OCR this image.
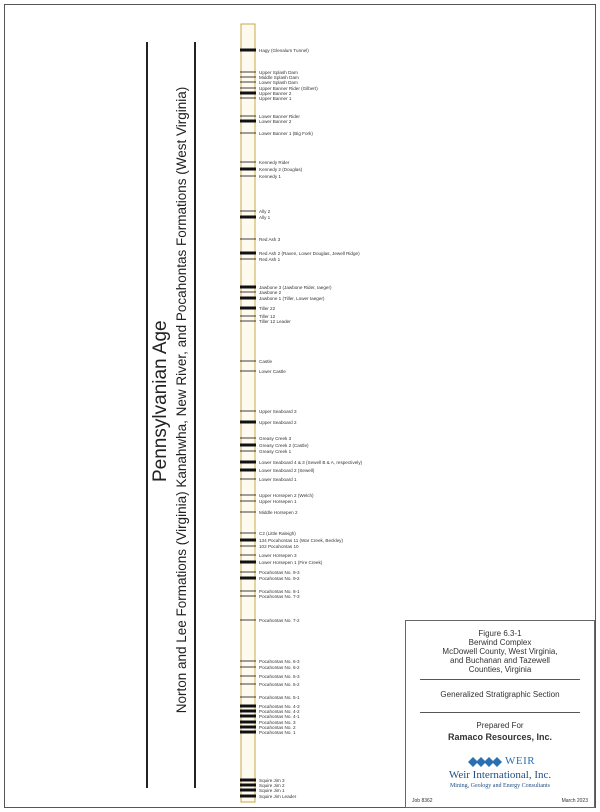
Pennsylvanian Age Norton and Lee Formations (Virginia) Kanahwha, New River, and Pocahontas Formations (West Virginia)
Hagy (Glenalum Tunnel)
Upper Splash Dam
Middle Splash Dam
Lower Splash Dam
Upper Banner Rider (Gilbert)
Upper Banner 2
Upper Banner 1
Lower Banner Rider
Lower Banner 2
Lower Banner 1 (Big Fork)
Kennedy Rider
Kennedy 2 (Douglas)
Kennedy 1
Ally 2
Ally 1
Red Ash 3
Red Ash 2 (Raven, Lower Douglas, Jewell Ridge)
Red Ash 1
Jawbone 3 (Jawbone Rider, Iaeger)
Jawbone 2
Jawbone 1 (Tiller, Lower Iaeger)
Tiller 22
Tiller 12
Tiller 12 Leader
Castle
Lower Castle
Upper Seaboard 3
Upper Seaboard 2
Greasy Creek 3
Greasy Creek 2 (Castle)
Greasy Creek 1
Lower Seaboard 4 & 3 (Sewell B & A, respectively)
Lower Seaboard 2 (Sewell)
Lower Seaboard 1
Upper Horsepen 2 (Welch)
Upper Horsepen 1
Middle Horsepen 2
C2 (Little Raleigh)
134 Pocahontas 11 (War Creek, Beckley)
102 Pocahontas 10
Lower Horsepen 3
Lower Horsepen 1 (Fire Creek)
Pocahontas No. 9-3
Pocahontas No. 9-2
Pocahontas No. 8-1
Pocahontas No. 7-3
Pocahontas No. 7-2
Pocahontas No. 6-3
Pocahontas No. 6-2
Pocahontas No. 5-3
Pocahontas No. 5-2
Pocahontas No. 5-1
Pocahontas No. 4-3
Pocahontas No. 4-2
Pocahontas No. 4-1
Pocahontas No. 3
Pocahontas No. 2
Pocahontas No. 1
Squire Jim 3
Squire Jim 2
Squire Jim 1
Squire Jim Leader
Figure 6.3-1
Berwind Complex
McDowell County, West Virginia,
and Buchanan and Tazewell
Counties, Virginia
Generalized Stratigraphic Section
Prepared For
Ramaco Resources, Inc.
WEIR
Weir International, Inc.
Mining, Geology and Energy Consultants
Job 8362	March 2023
